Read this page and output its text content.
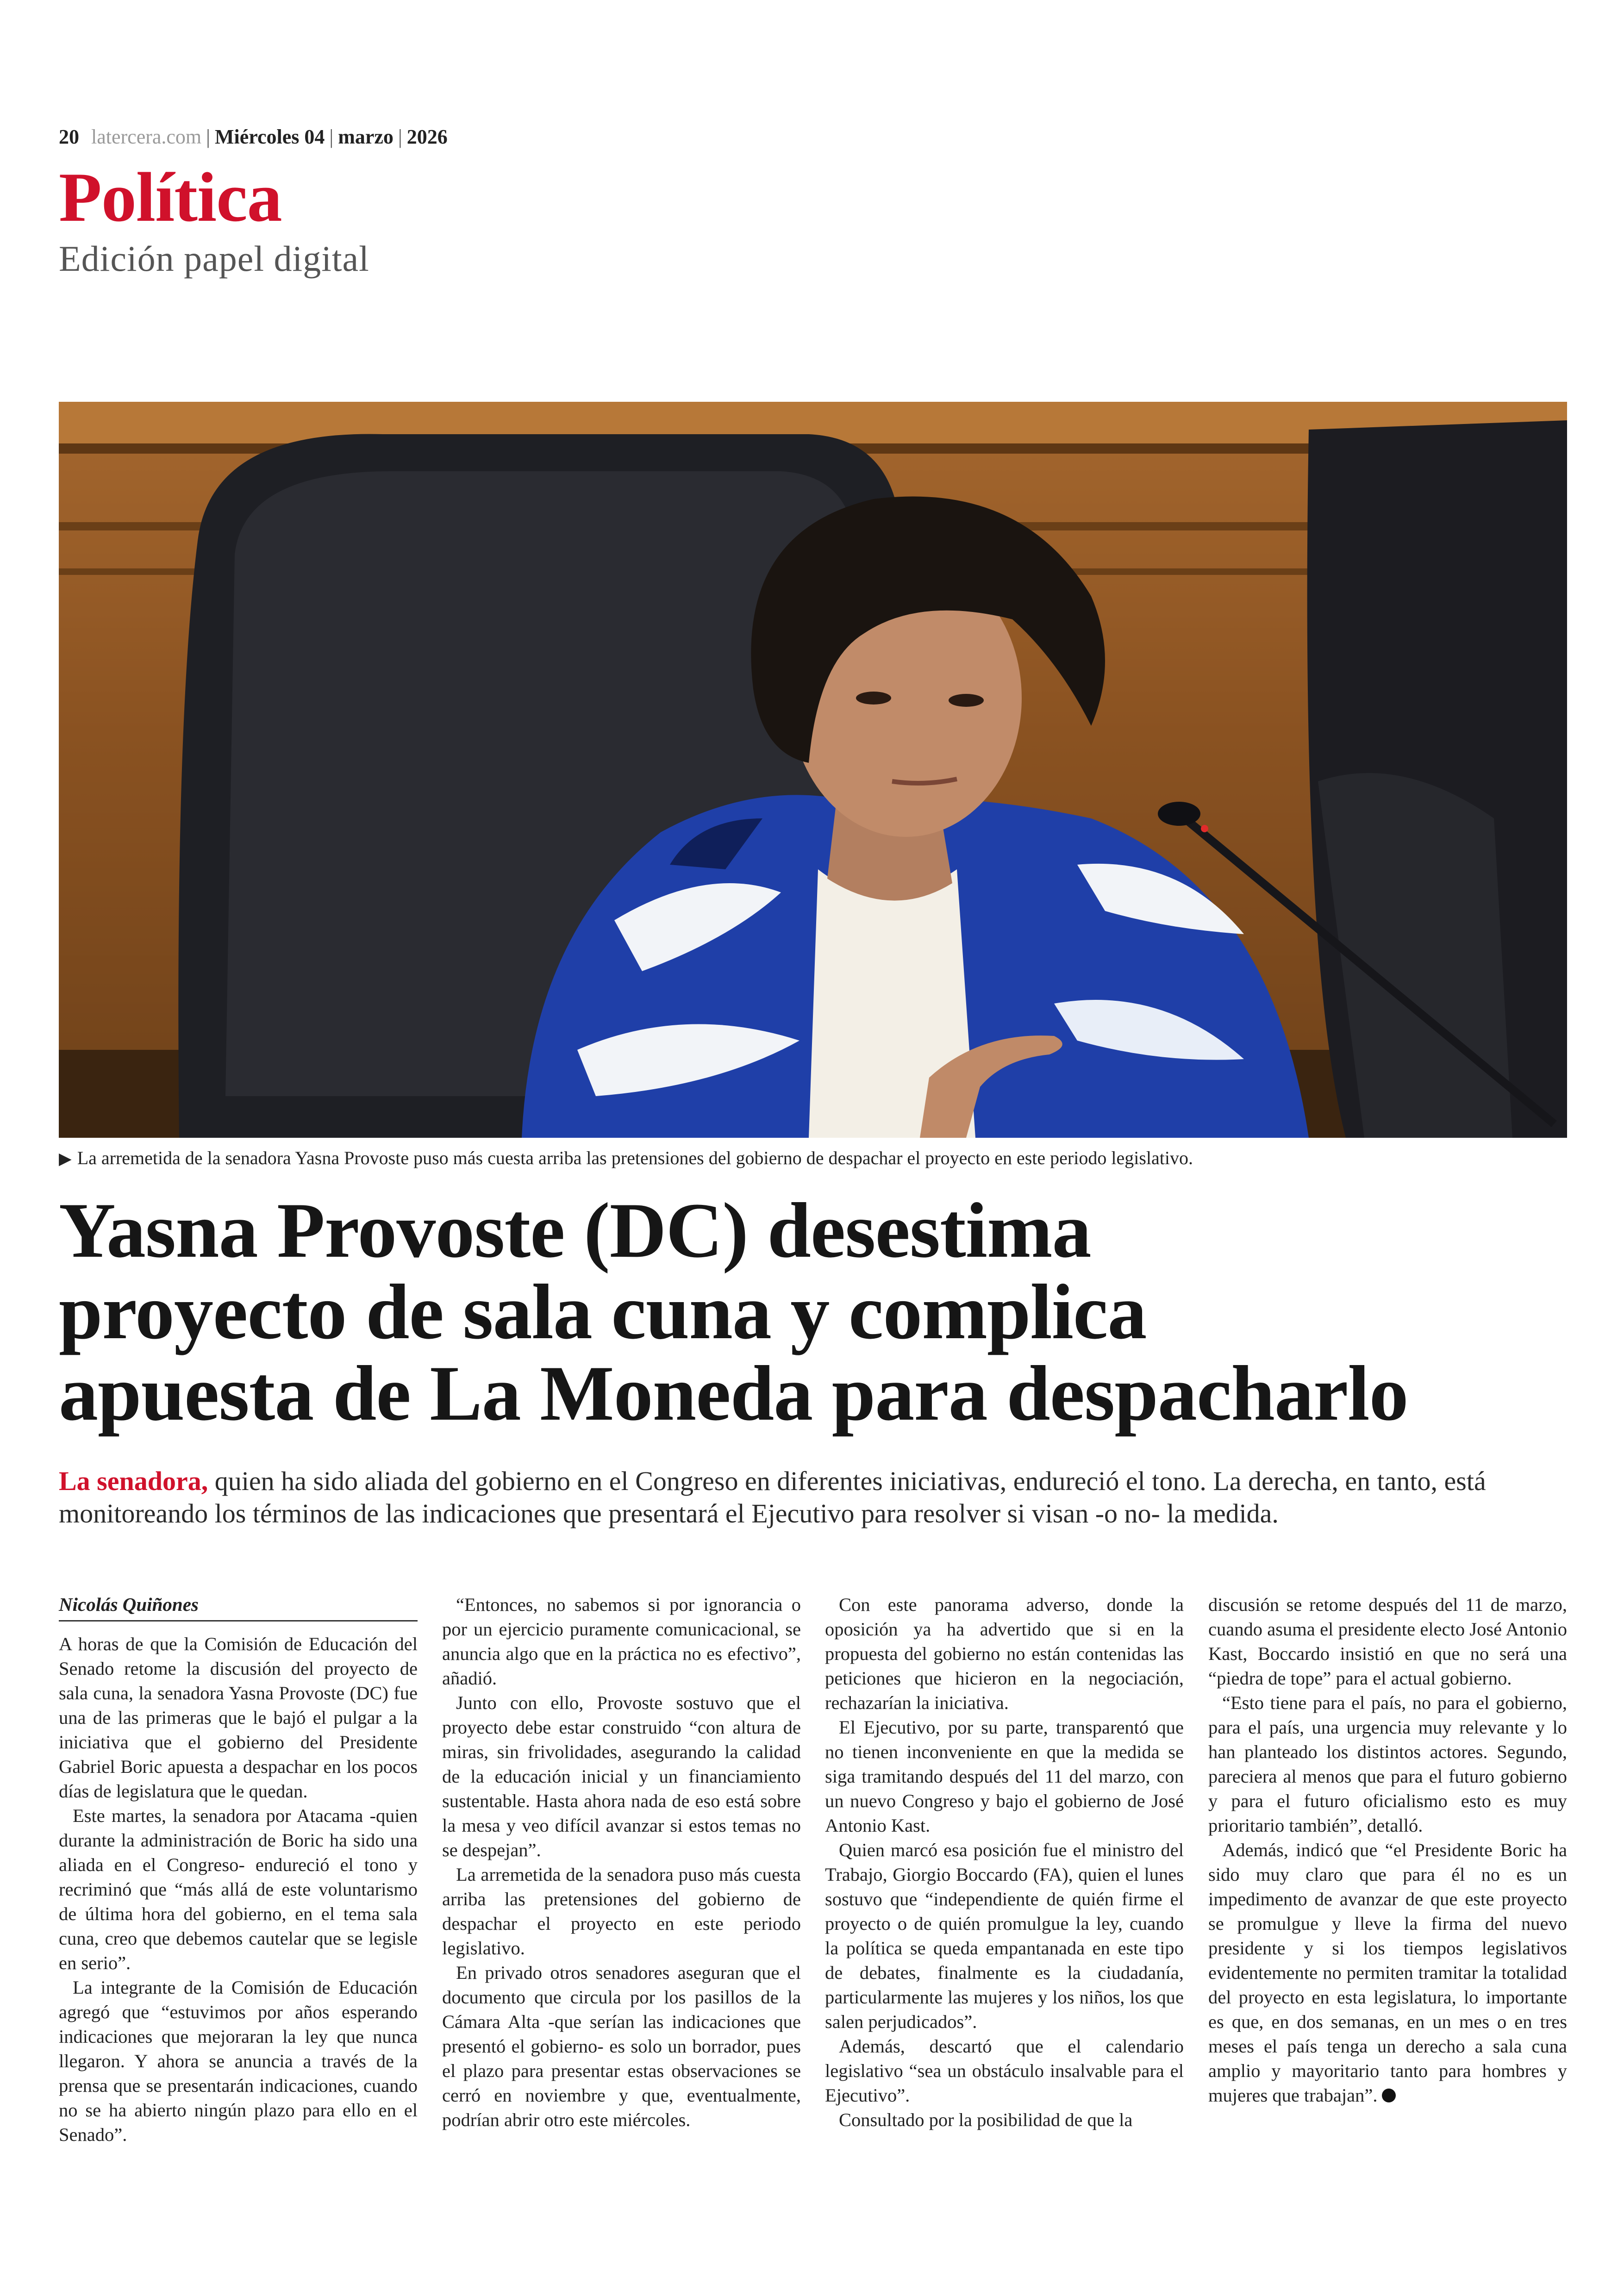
20 latercera.com | Miércoles 04 | marzo | 2026
Política
Edición papel digital
▶ La arremetida de la senadora Yasna Provoste puso más cuesta arriba las pretensiones del gobierno de despachar el proyecto en este periodo legislativo.
Yasna Provoste (DC) desestima
proyecto de sala cuna y complica
apuesta de La Moneda para despacharlo
La senadora, quien ha sido aliada del gobierno en el Congreso en diferentes iniciativas, endureció el tono. La derecha, en tanto, está monitoreando los términos de las indicaciones que presentará el Ejecutivo para resolver si visan -o no- la medida.
Nicolás Quiñones

A horas de que la Comisión de Educación del Senado retome la discusión del proyecto de sala cuna, la senadora Yasna Provoste (DC) fue una de las primeras que le bajó el pulgar a la iniciativa que el gobierno del Presidente Gabriel Boric apuesta a despachar en los pocos días de legislatura que le quedan.

Este martes, la senadora por Atacama -quien durante la administración de Boric ha sido una aliada en el Congreso- endureció el tono y recriminó que “más allá de este voluntarismo de última hora del gobierno, en el tema sala cuna, creo que debemos cautelar que se legisle en serio”.

La integrante de la Comisión de Educación agregó que “estuvimos por años esperando indicaciones que mejoraran la ley que nunca llegaron. Y ahora se anuncia a través de la prensa que se presentarán indicaciones, cuando no se ha abierto ningún plazo para ello en el Senado”.

“Entonces, no sabemos si por ignorancia o por un ejercicio puramente comunicacional, se anuncia algo que en la práctica no es efectivo”, añadió.

Junto con ello, Provoste sostuvo que el proyecto debe estar construido “con altura de miras, sin frivolidades, asegurando la calidad de la educación inicial y un financiamiento sustentable. Hasta ahora nada de eso está sobre la mesa y veo difícil avanzar si estos temas no se despejan”.

La arremetida de la senadora puso más cuesta arriba las pretensiones del gobierno de despachar el proyecto en este periodo legislativo.

En privado otros senadores aseguran que el documento que circula por los pasillos de la Cámara Alta -que serían las indicaciones que presentó el gobierno- es solo un borrador, pues el plazo para presentar estas observaciones se cerró en noviembre y que, eventualmente, podrían abrir otro este miércoles.

Con este panorama adverso, donde la oposición ya ha advertido que si en la propuesta del gobierno no están contenidas las peticiones que hicieron en la negociación, rechazarían la iniciativa.

El Ejecutivo, por su parte, transparentó que no tienen inconveniente en que la medida se siga tramitando después del 11 del marzo, con un nuevo Congreso y bajo el gobierno de José Antonio Kast.

Quien marcó esa posición fue el ministro del Trabajo, Giorgio Boccardo (FA), quien el lunes sostuvo que “independiente de quién firme el proyecto o de quién promulgue la ley, cuando la política se queda empantanada en este tipo de debates, finalmente es la ciudadanía, particularmente las mujeres y los niños, los que salen perjudicados”.

Además, descartó que el calendario legislativo “sea un obstáculo insalvable para el Ejecutivo”.

Consultado por la posibilidad de que la

discusión se retome después del 11 de marzo, cuando asuma el presidente electo José Antonio Kast, Boccardo insistió en que no será una “piedra de tope” para el actual gobierno.

“Esto tiene para el país, no para el gobierno, para el país, una urgencia muy relevante y lo han planteado los distintos actores. Segundo, pareciera al menos que para el futuro gobierno y para el futuro oficialismo esto es muy prioritario también”, detalló.

Además, indicó que “el Presidente Boric ha sido muy claro que para él no es un impedimento de avanzar de que este proyecto se promulgue y lleve la firma del nuevo presidente y si los tiempos legislativos evidentemente no permiten tramitar la totalidad del proyecto en esta legislatura, lo importante es que, en dos semanas, en un mes o en tres meses el país tenga un derecho a sala cuna amplio y mayoritario tanto para hombres y mujeres que trabajan”.
